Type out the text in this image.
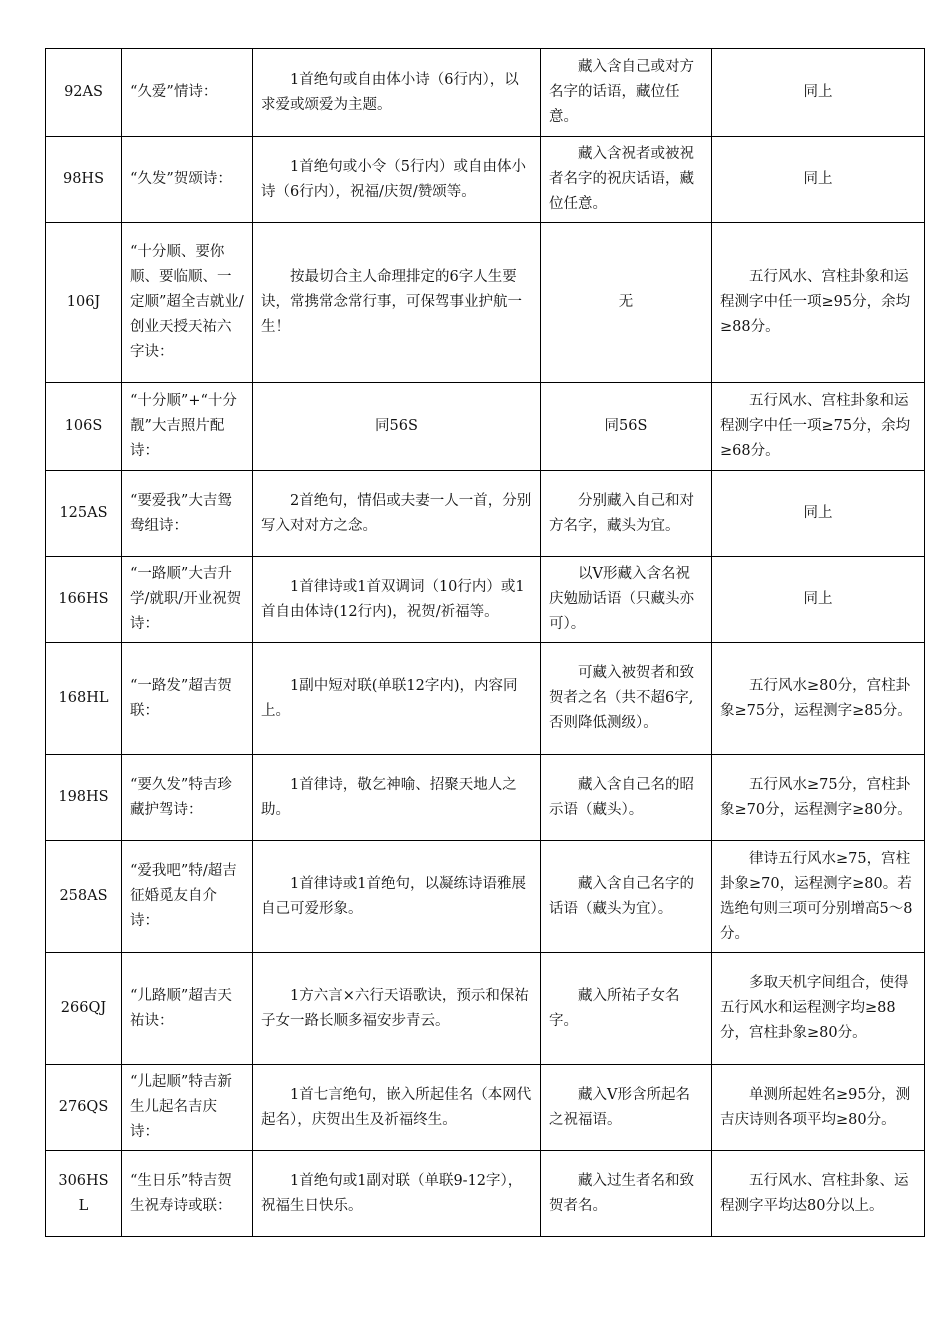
92AS	“久爱”情诗：	1首绝句或自由体小诗（6行内），以求爱或颂爱为主题。	藏入含自己或对方名字的话语，藏位任意。	同上
98HS	“久发”贺颂诗：	1首绝句或小令（5行内）或自由体小诗（6行内），祝福/庆贺/赞颂等。	藏入含祝者或被祝者名字的祝庆话语，藏位任意。	同上
106J	“十分顺、要你顺、要临顺、一定顺”超全吉就业/创业天授天祐六字诀：	按最切合主人命理排定的6字人生要诀，常携常念常行事，可保驾事业护航一生！	无	五行风水、宫柱卦象和运程测字中任一项≥95分，余均≥88分。
106S	“十分顺”+“十分靓”大吉照片配诗：	同56S	同56S	五行风水、宫柱卦象和运程测字中任一项≥75分，余均≥68分。
125AS	“要爱我”大吉鸳鸯组诗：	2首绝句，情侣或夫妻一人一首，分别写入对对方之念。	分别藏入自己和对方名字，藏头为宜。	同上
166HS	“一路顺”大吉升学/就职/开业祝贺诗：	1首律诗或1首双调词（10行内）或1首自由体诗(12行内)，祝贺/祈福等。	以Ⅴ形藏入含名祝庆勉励话语（只藏头亦可）。	同上
168HL	“一路发”超吉贺联：	1副中短对联(单联12字内)，内容同上。	可藏入被贺者和致贺者之名（共不超6字,否则降低测级）。	五行风水≥80分，宫柱卦象≥75分，运程测字≥85分。
198HS	“要久发”特吉珍藏护驾诗：	1首律诗，敬乞神喻、招聚天地人之助。	藏入含自己名的昭示语（藏头）。	五行风水≥75分，宫柱卦象≥70分，运程测字≥80分。
258AS	“爱我吧”特/超吉征婚觅友自介诗：	1首律诗或1首绝句，以凝练诗语雅展自己可爱形象。	藏入含自己名字的话语（藏头为宜）。	律诗五行风水≥75，宫柱卦象≥70，运程测字≥80。若选绝句则三项可分别增高5～8分。
266QJ	“儿路顺”超吉天祐诀：	1方六言×六行天语歌诀，预示和保祐子女一路长顺多福安步青云。	藏入所祐子女名字。	多取天机字间组合，使得五行风水和运程测字均≥88分，宫柱卦象≥80分。
276QS	“儿起顺”特吉新生儿起名吉庆诗：	1首七言绝句，嵌入所起佳名（本网代起名），庆贺出生及祈福终生。	藏入Ⅴ形含所起名之祝福语。	单测所起姓名≥95分，测吉庆诗则各项平均≥80分。
306HSL	“生日乐”特吉贺生祝寿诗或联：	1首绝句或1副对联（单联9-12字），祝福生日快乐。	藏入过生者名和致贺者名。	五行风水、宫柱卦象、运程测字平均达80分以上。
